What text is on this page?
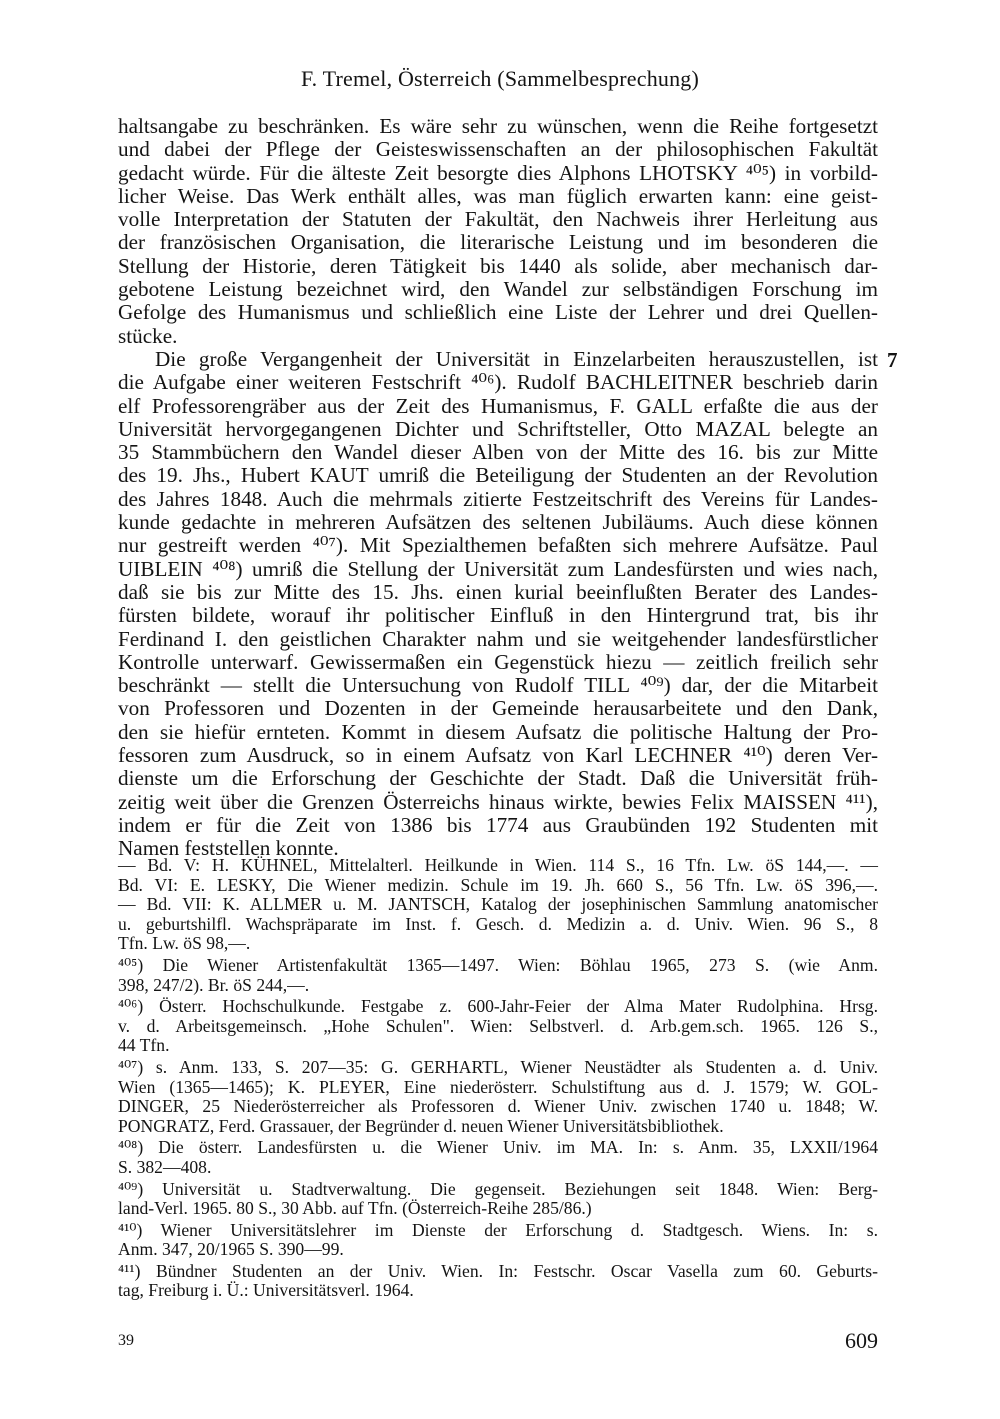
F. Tremel, Österreich (Sammelbesprechung)
haltsangabe zu beschränken. Es wäre sehr zu wünschen, wenn die Reihe fortgesetzt
und dabei der Pflege der Geisteswissenschaften an der philosophischen Fakultät
gedacht würde. Für die älteste Zeit besorgte dies Alphons LHOTSKY ⁴⁰⁵) in vorbild-
licher Weise. Das Werk enthält alles, was man füglich erwarten kann: eine geist-
volle Interpretation der Statuten der Fakultät, den Nachweis ihrer Herleitung aus
der französischen Organisation, die literarische Leistung und im besonderen die
Stellung der Historie, deren Tätigkeit bis 1440 als solide, aber mechanisch dar-
gebotene Leistung bezeichnet wird, den Wandel zur selbständigen Forschung im
Gefolge des Humanismus und schließlich eine Liste der Lehrer und drei Quellen-
stücke.
Die große Vergangenheit der Universität in Einzelarbeiten herauszustellen, ist
die Aufgabe einer weiteren Festschrift ⁴⁰⁶). Rudolf BACHLEITNER beschrieb darin
elf Professorengräber aus der Zeit des Humanismus, F. GALL erfaßte die aus der
Universität hervorgegangenen Dichter und Schriftsteller, Otto MAZAL belegte an
35 Stammbüchern den Wandel dieser Alben von der Mitte des 16. bis zur Mitte
des 19. Jhs., Hubert KAUT umriß die Beteiligung der Studenten an der Revolution
des Jahres 1848. Auch die mehrmals zitierte Festzeitschrift des Vereins für Landes-
kunde gedachte in mehreren Aufsätzen des seltenen Jubiläums. Auch diese können
nur gestreift werden ⁴⁰⁷). Mit Spezialthemen befaßten sich mehrere Aufsätze. Paul
UIBLEIN ⁴⁰⁸) umriß die Stellung der Universität zum Landesfürsten und wies nach,
daß sie bis zur Mitte des 15. Jhs. einen kurial beeinflußten Berater des Landes-
fürsten bildete, worauf ihr politischer Einfluß in den Hintergrund trat, bis ihr
Ferdinand I. den geistlichen Charakter nahm und sie weitgehender landesfürstlicher
Kontrolle unterwarf. Gewissermaßen ein Gegenstück hiezu — zeitlich freilich sehr
beschränkt — stellt die Untersuchung von Rudolf TILL ⁴⁰⁹) dar, der die Mitarbeit
von Professoren und Dozenten in der Gemeinde herausarbeitete und den Dank,
den sie hiefür ernteten. Kommt in diesem Aufsatz die politische Haltung der Pro-
fessoren zum Ausdruck, so in einem Aufsatz von Karl LECHNER ⁴¹⁰) deren Ver-
dienste um die Erforschung der Geschichte der Stadt. Daß die Universität früh-
zeitig weit über die Grenzen Österreichs hinaus wirkte, bewies Felix MAISSEN ⁴¹¹),
indem er für die Zeit von 1386 bis 1774 aus Graubünden 192 Studenten mit
Namen feststellen konnte.
7
— Bd. V: H. KÜHNEL, Mittelalterl. Heilkunde in Wien. 114 S., 16 Tfn. Lw. öS 144,—. —
Bd. VI: E. LESKY, Die Wiener medizin. Schule im 19. Jh. 660 S., 56 Tfn. Lw. öS 396,—.
— Bd. VII: K. ALLMER u. M. JANTSCH, Katalog der josephinischen Sammlung anatomischer
u. geburtshilfl. Wachspräparate im Inst. f. Gesch. d. Medizin a. d. Univ. Wien. 96 S., 8
Tfn. Lw. öS 98,—.
⁴⁰⁵) Die Wiener Artistenfakultät 1365—1497. Wien: Böhlau 1965, 273 S. (wie Anm.
398, 247/2). Br. öS 244,—.
⁴⁰⁶) Österr. Hochschulkunde. Festgabe z. 600-Jahr-Feier der Alma Mater Rudolphina. Hrsg.
v. d. Arbeitsgemeinsch. „Hohe Schulen". Wien: Selbstverl. d. Arb.gem.sch. 1965. 126 S.,
44 Tfn.
⁴⁰⁷) s. Anm. 133, S. 207—35: G. GERHARTL, Wiener Neustädter als Studenten a. d. Univ.
Wien (1365—1465); K. PLEYER, Eine niederösterr. Schulstiftung aus d. J. 1579; W. GOL-
DINGER, 25 Niederösterreicher als Professoren d. Wiener Univ. zwischen 1740 u. 1848; W.
PONGRATZ, Ferd. Grassauer, der Begründer d. neuen Wiener Universitätsbibliothek.
⁴⁰⁸) Die österr. Landesfürsten u. die Wiener Univ. im MA. In: s. Anm. 35, LXXII/1964
S. 382—408.
⁴⁰⁹) Universität u. Stadtverwaltung. Die gegenseit. Beziehungen seit 1848. Wien: Berg-
land-Verl. 1965. 80 S., 30 Abb. auf Tfn. (Österreich-Reihe 285/86.)
⁴¹⁰) Wiener Universitätslehrer im Dienste der Erforschung d. Stadtgesch. Wiens. In: s.
Anm. 347, 20/1965 S. 390—99.
⁴¹¹) Bündner Studenten an der Univ. Wien. In: Festschr. Oscar Vasella zum 60. Geburts-
tag, Freiburg i. Ü.: Universitätsverl. 1964.
39	609
